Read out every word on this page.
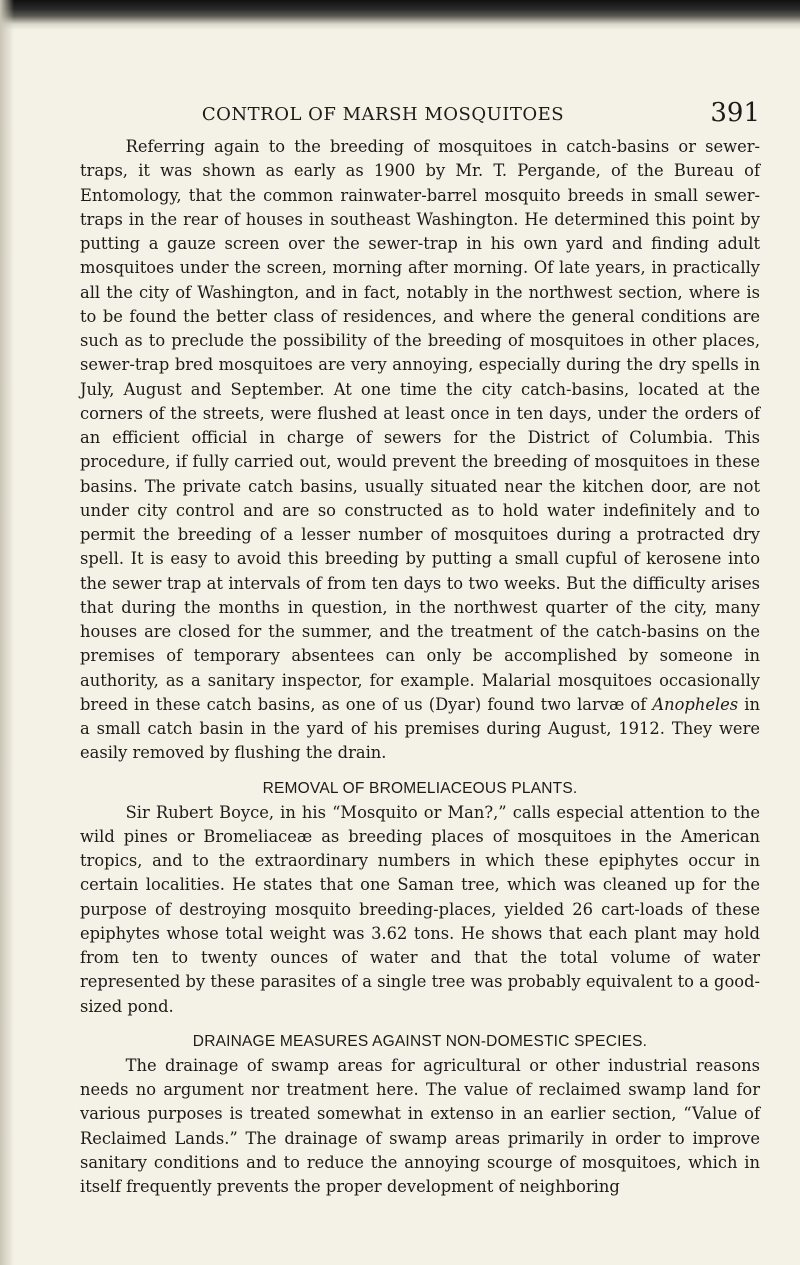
CONTROL OF MARSH MOSQUITOES	391

Referring again to the breeding of mosquitoes in catch-basins or sewer-traps, it was shown as early as 1900 by Mr. T. Pergande, of the Bureau of Entomology, that the common rainwater-barrel mosquito breeds in small sewer-traps in the rear of houses in southeast Washington. He determined this point by putting a gauze screen over the sewer-trap in his own yard and finding adult mosquitoes under the screen, morning after morning. Of late years, in practically all the city of Washington, and in fact, notably in the northwest section, where is to be found the better class of residences, and where the general conditions are such as to preclude the possibility of the breeding of mosquitoes in other places, sewer-trap bred mosquitoes are very annoying, especially during the dry spells in July, August and September. At one time the city catch-basins, located at the corners of the streets, were flushed at least once in ten days, under the orders of an efficient official in charge of sewers for the District of Columbia. This procedure, if fully carried out, would prevent the breeding of mosquitoes in these basins. The private catch basins, usually situated near the kitchen door, are not under city control and are so constructed as to hold water indefinitely and to permit the breeding of a lesser number of mosquitoes during a protracted dry spell. It is easy to avoid this breeding by putting a small cupful of kerosene into the sewer trap at intervals of from ten days to two weeks. But the difficulty arises that during the months in question, in the northwest quarter of the city, many houses are closed for the summer, and the treatment of the catch-basins on the premises of temporary absentees can only be accomplished by someone in authority, as a sanitary inspector, for example. Malarial mosquitoes occasionally breed in these catch basins, as one of us (Dyar) found two larvæ of Anopheles in a small catch basin in the yard of his premises during August, 1912. They were easily removed by flushing the drain.

REMOVAL OF BROMELIACEOUS PLANTS.

Sir Rubert Boyce, in his “Mosquito or Man?,” calls especial attention to the wild pines or Bromeliaceæ as breeding places of mosquitoes in the American tropics, and to the extraordinary numbers in which these epiphytes occur in certain localities. He states that one Saman tree, which was cleaned up for the purpose of destroying mosquito breeding-places, yielded 26 cart-loads of these epiphytes whose total weight was 3.62 tons. He shows that each plant may hold from ten to twenty ounces of water and that the total volume of water represented by these parasites of a single tree was probably equivalent to a good-sized pond.

DRAINAGE MEASURES AGAINST NON-DOMESTIC SPECIES.

The drainage of swamp areas for agricultural or other industrial reasons needs no argument nor treatment here. The value of reclaimed swamp land for various purposes is treated somewhat in extenso in an earlier section, “Value of Reclaimed Lands.” The drainage of swamp areas primarily in order to improve sanitary conditions and to reduce the annoying scourge of mosquitoes, which in itself frequently prevents the proper development of neighboring
